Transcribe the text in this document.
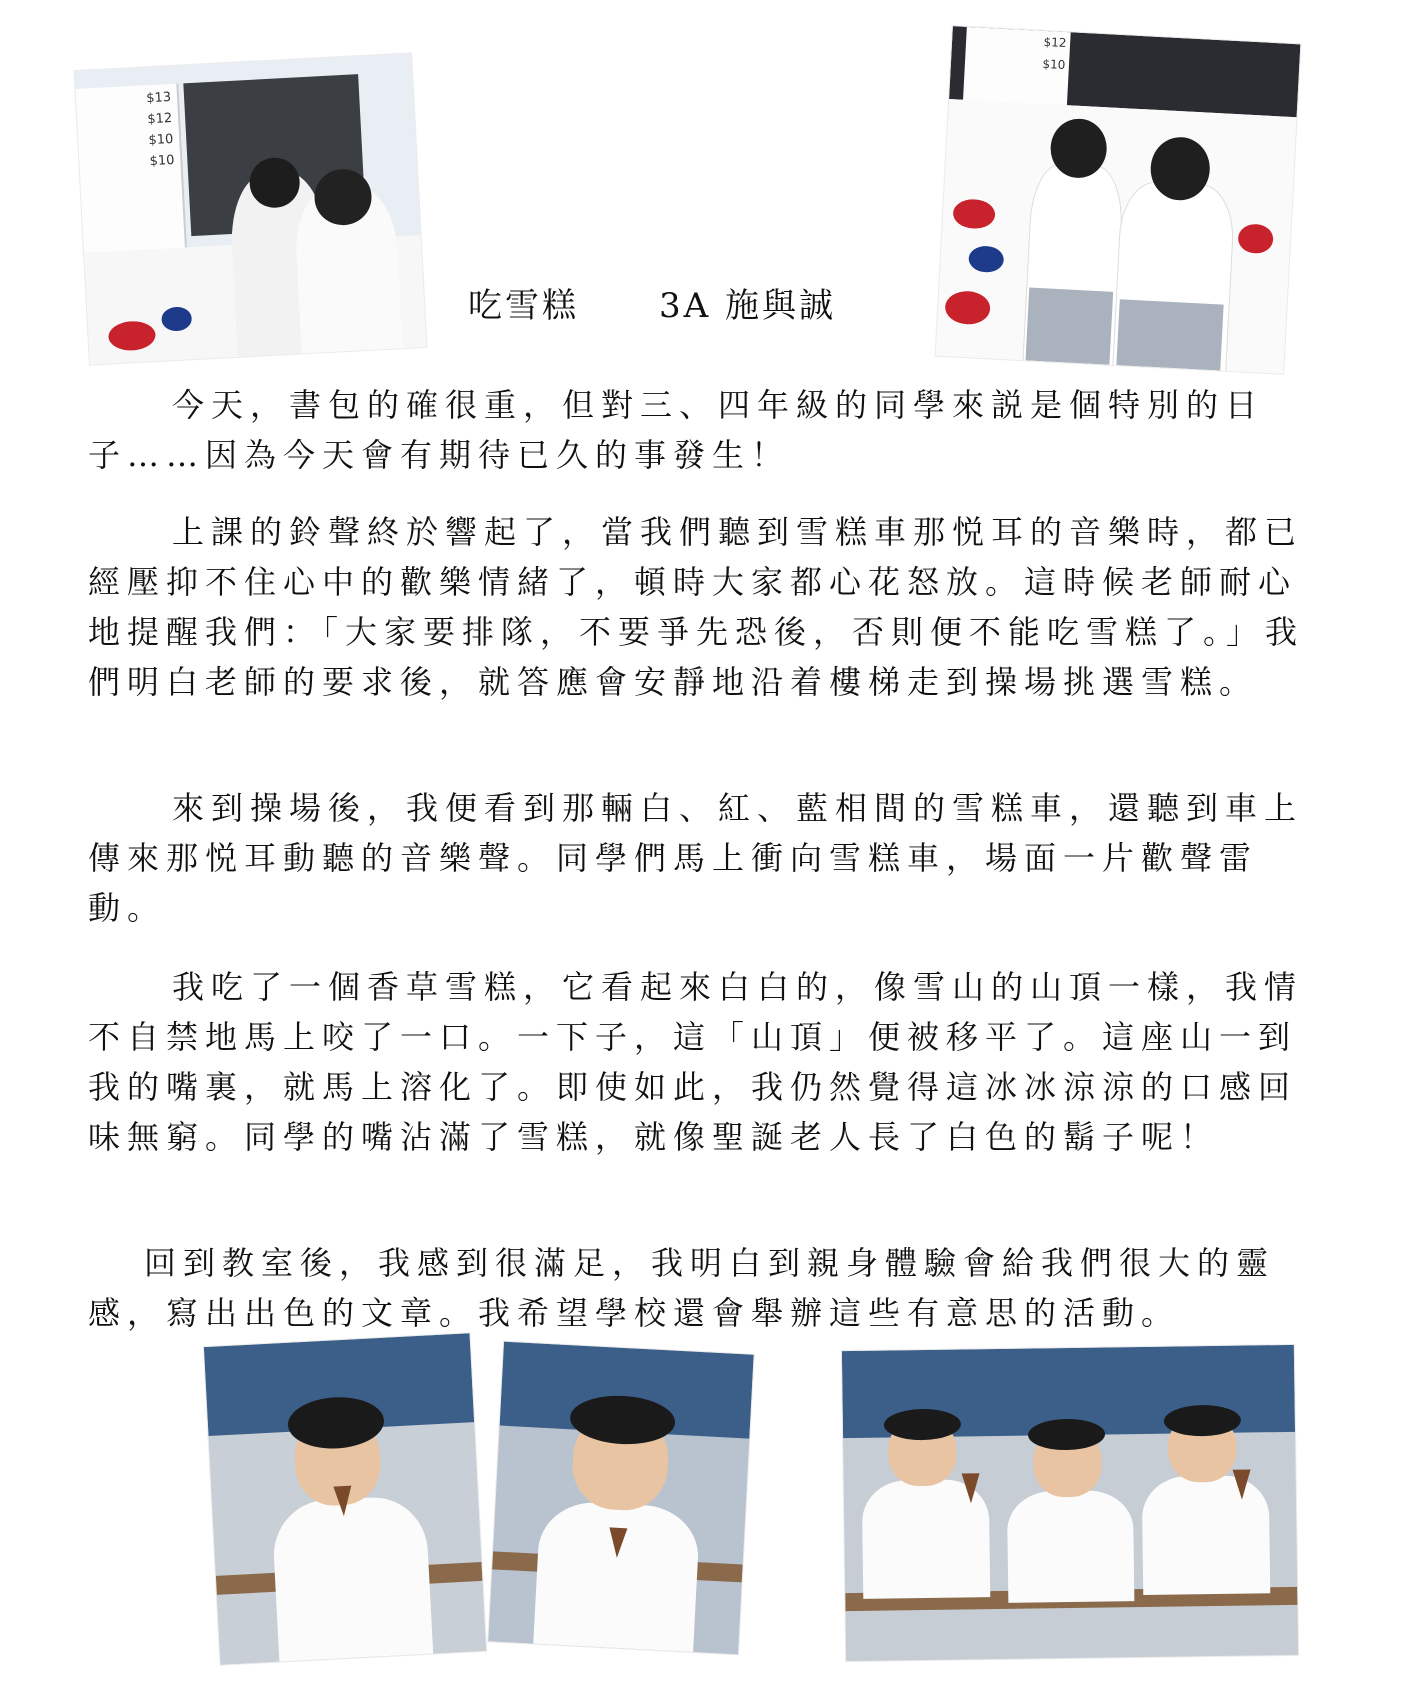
$13
$12
$10
$10
$12
$10
吃雪糕 3A 施與誠

今天，書包的確很重，但對三、四年級的同學來説是個特別的日子……因為今天會有期待已久的事發生！

上課的鈴聲終於響起了，當我們聽到雪糕車那悦耳的音樂時，都已經壓抑不住心中的歡樂情緒了，頓時大家都心花怒放。這時候老師耐心地提醒我們：「大家要排隊，不要爭先恐後，否則便不能吃雪糕了。」我們明白老師的要求後，就答應會安靜地沿着樓梯走到操場挑選雪糕。

來到操場後，我便看到那輛白、紅、藍相間的雪糕車，還聽到車上傳來那悦耳動聽的音樂聲。同學們馬上衝向雪糕車，場面一片歡聲雷動。

我吃了一個香草雪糕，它看起來白白的，像雪山的山頂一樣，我情不自禁地馬上咬了一口。一下子，這「山頂」便被移平了。這座山一到我的嘴裏，就馬上溶化了。即使如此，我仍然覺得這冰冰涼涼的口感回味無窮。同學的嘴沾滿了雪糕，就像聖誕老人長了白色的鬍子呢！

回到教室後，我感到很滿足，我明白到親身體驗會給我們很大的靈感，寫出出色的文章。我希望學校還會舉辦這些有意思的活動。
